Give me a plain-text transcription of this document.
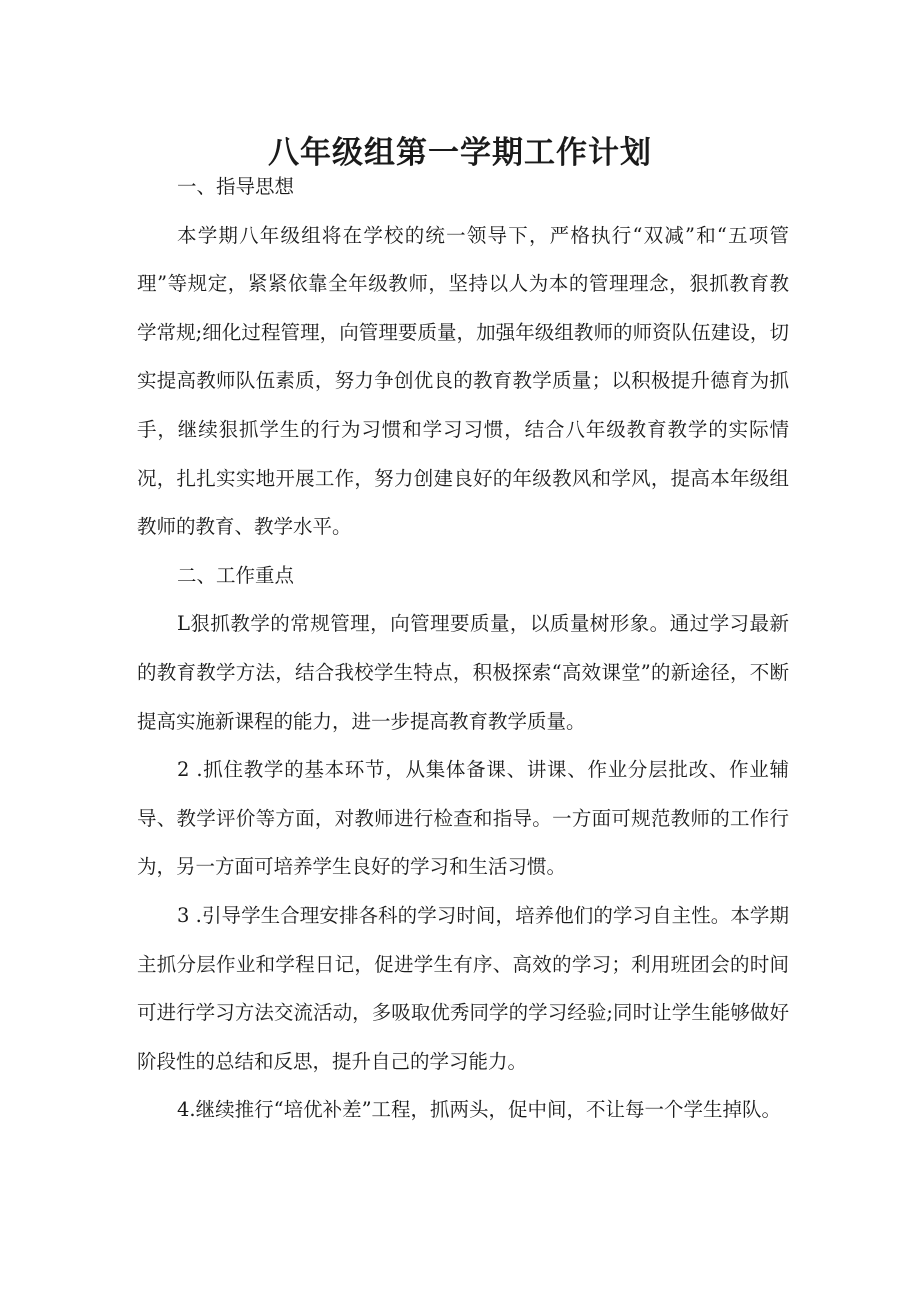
八年级组第一学期工作计划

一、指导思想

本学期八年级组将在学校的统一领导下，严格执行“双减”和“五项管理”等规定，紧紧依靠全年级教师，坚持以人为本的管理理念，狠抓教育教学常规;细化过程管理，向管理要质量，加强年级组教师的师资队伍建设，切实提高教师队伍素质，努力争创优良的教育教学质量；以积极提升德育为抓手，继续狠抓学生的行为习惯和学习习惯，结合八年级教育教学的实际情况，扎扎实实地开展工作，努力创建良好的年级教风和学风，提高本年级组教师的教育、教学水平。

二、工作重点

L狠抓教学的常规管理，向管理要质量，以质量树形象。通过学习最新的教育教学方法，结合我校学生特点，积极探索“高效课堂”的新途径，不断提高实施新课程的能力，进一步提高教育教学质量。

2 .抓住教学的基本环节，从集体备课、讲课、作业分层批改、作业辅导、教学评价等方面，对教师进行检查和指导。一方面可规范教师的工作行为，另一方面可培养学生良好的学习和生活习惯。

3 .引导学生合理安排各科的学习时间，培养他们的学习自主性。本学期主抓分层作业和学程日记，促进学生有序、高效的学习；利用班团会的时间可进行学习方法交流活动，多吸取优秀同学的学习经验;同时让学生能够做好阶段性的总结和反思，提升自己的学习能力。

4.继续推行“培优补差”工程，抓两头，促中间，不让每一个学生掉队。
